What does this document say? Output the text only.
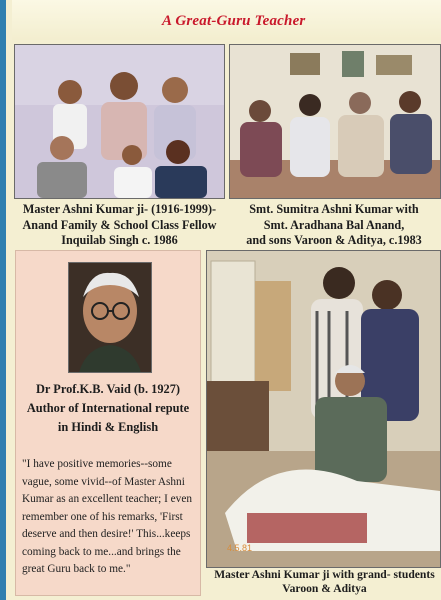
A Great-Guru Teacher
Master Ashni Kumar ji- (1916-1999)-
Anand Family & School Class Fellow
Inquilab Singh c. 1986
Smt. Sumitra Ashni Kumar with
Smt. Aradhana Bal Anand,
and sons Varoon & Aditya, c.1983
Dr Prof.K.B. Vaid (b. 1927)
Author of International repute
in Hindi & English
"I have positive memories--some
vague, some vivid--of Master Ashni
Kumar as an excellent teacher; I even
remember one of his remarks, 'First
deserve and then desire!' This...keeps
coming back to me...and brings the
great Guru back to me."
4.5.81
Master Ashni Kumar ji with grand- students
Varoon & Aditya
